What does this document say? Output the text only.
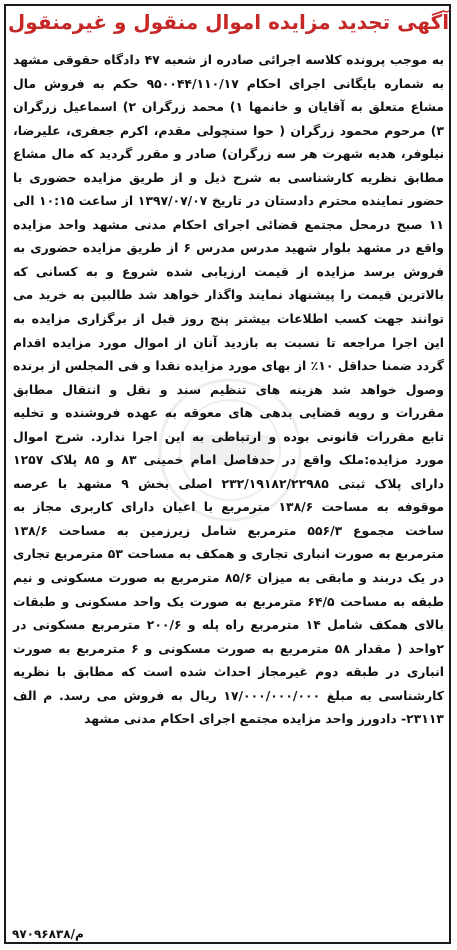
آگهی تجدید مزایده اموال منقول و غیرمنقول
به موجب پرونده کلاسه اجرائی صادره از شعبه ۴۷ دادگاه حقوقی مشهد به شماره بایگانی اجرای احکام ۹۵۰۰۴۴/۱۱۰/۱۷ حکم به فروش مال مشاع متعلق به آقایان و خانمها ۱) محمد زرگران ۲) اسماعیل زرگران ۳) مرحوم محمود زرگران ( حوا سنچولی مقدم، اکرم جعفری، علیرضا، نیلوفر، هدیه شهرت هر سه زرگران) صادر و مقرر گردید که مال مشاع مطابق نظریه کارشناسی به شرح ذیل و از طریق مزایده حضوری با حضور نماینده محترم دادستان در تاریخ ۱۳۹۷/۰۷/۰۷ از ساعت ۱۰:۱۵ الی ۱۱ صبح درمحل مجتمع قضائی اجرای احکام مدنی مشهد واحد مزایده واقع در مشهد بلوار شهید مدرس مدرس ۶ از طریق مزایده حضوری به فروش برسد مزایده از قیمت ارزیابی شده شروع و به کسانی که بالاترین قیمت را پیشنهاد نمایند واگذار خواهد شد طالبین به خرید می توانند جهت کسب اطلاعات بیشتر پنج روز قبل از برگزاری مزایده به این اجرا مراجعه تا نسبت به بازدید آنان از اموال مورد مزایده اقدام گردد ضمنا حداقل ۱۰٪ از بهای مورد مزایده نقدا و فی المجلس از برنده وصول خواهد شد هزینه های تنظیم سند و نقل و انتقال مطابق مقررات و رویه قضایی بدهی های معوقه به عهده فروشنده و تخلیه تابع مقررات قانونی بوده و ارتباطی به این اجرا ندارد. شرح اموال مورد مزایده:ملک واقع در حدفاصل امام خمینی ۸۳ و ۸۵ پلاک ۱۲۵۷ دارای پلاک ثبتی ۲۳۲/۱۹۱۸۲/۲۲۹۸۵ اصلی بخش ۹ مشهد با عرصه موقوفه به مساحت ۱۳۸/۶ مترمربع با اعیان دارای کاربری مجاز به ساخت مجموع ۵۵۶/۳ مترمربع شامل زیرزمین به مساحت ۱۳۸/۶ مترمربع به صورت انباری تجاری و همکف به مساحت ۵۳ مترمربع تجاری در یک دربند و مابقی به میزان ۸۵/۶ مترمربع به صورت مسکونی و نیم طبقه به مساحت ۶۴/۵ مترمربع به صورت یک واحد مسکونی و طبقات بالای همکف شامل ۱۴ مترمربع راه پله و ۲۰۰/۶ مترمربع مسکونی در ۲واحد ( مقدار ۵۸ مترمربع به صورت مسکونی و ۶ مترمربع به صورت انباری در طبقه دوم غیرمجاز احداث شده است که مطابق با نظریه کارشناسی به مبلغ ۱۷/۰۰۰/۰۰۰/۰۰۰ ریال به فروش می رسد. م الف ۲۳۱۱۳- دادورز واحد مزایده مجتمع اجرای احکام مدنی مشهد
۹۷۰۹۶۸۳۸/م
